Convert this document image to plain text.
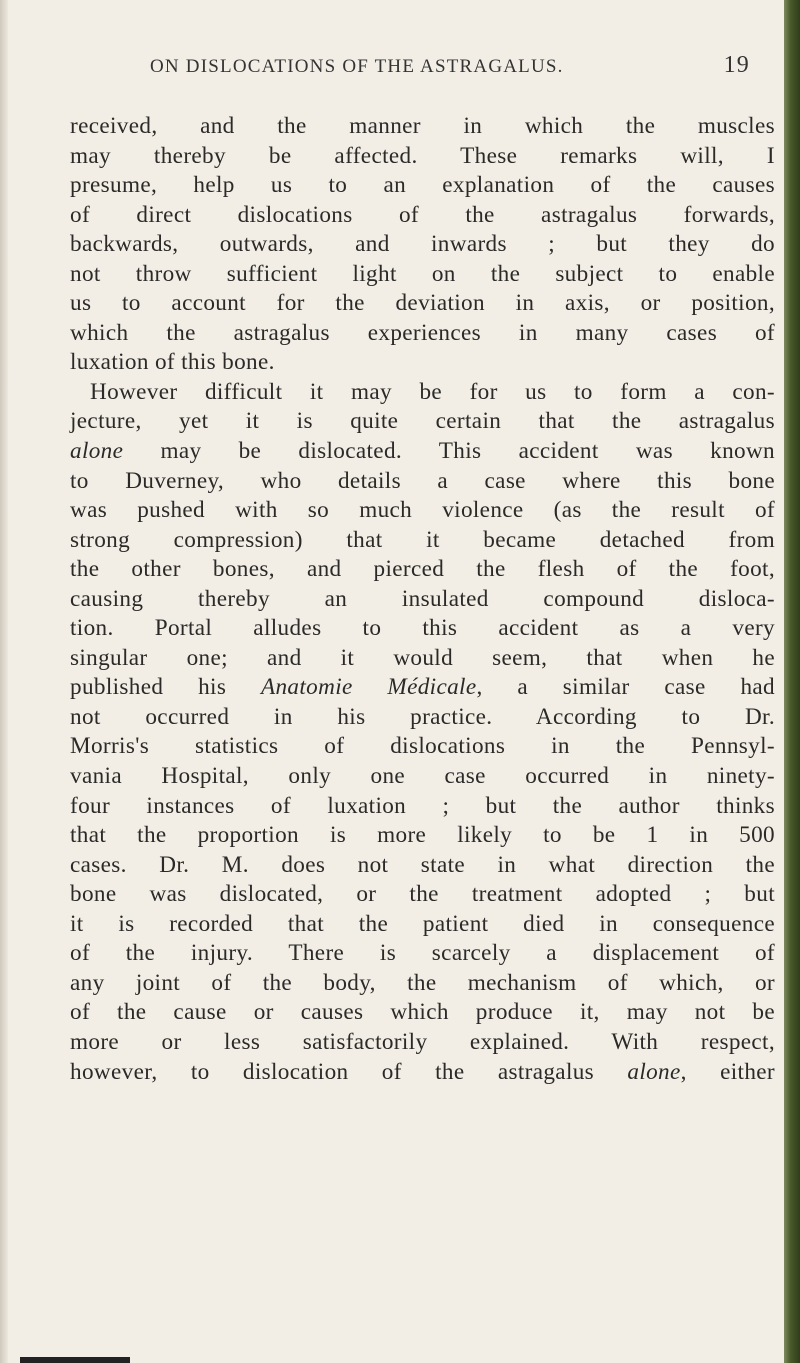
ON DISLOCATIONS OF THE ASTRAGALUS.	19
received, and the manner in which the muscles
may thereby be affected. These remarks will, I
presume, help us to an explanation of the causes
of direct dislocations of the astragalus forwards,
backwards, outwards, and inwards ; but they do
not throw sufficient light on the subject to enable
us to account for the deviation in axis, or position,
which the astragalus experiences in many cases of
luxation of this bone.
However difficult it may be for us to form a con-
jecture, yet it is quite certain that the astragalus
alone may be dislocated. This accident was known
to Duverney, who details a case where this bone
was pushed with so much violence (as the result of
strong compression) that it became detached from
the other bones, and pierced the flesh of the foot,
causing thereby an insulated compound disloca-
tion. Portal alludes to this accident as a very
singular one; and it would seem, that when he
published his Anatomie Médicale, a similar case had
not occurred in his practice. According to Dr.
Morris's statistics of dislocations in the Pennsyl-
vania Hospital, only one case occurred in ninety-
four instances of luxation ; but the author thinks
that the proportion is more likely to be 1 in 500
cases. Dr. M. does not state in what direction the
bone was dislocated, or the treatment adopted ; but
it is recorded that the patient died in consequence
of the injury. There is scarcely a displacement of
any joint of the body, the mechanism of which, or
of the cause or causes which produce it, may not be
more or less satisfactorily explained. With respect,
however, to dislocation of the astragalus alone, either
